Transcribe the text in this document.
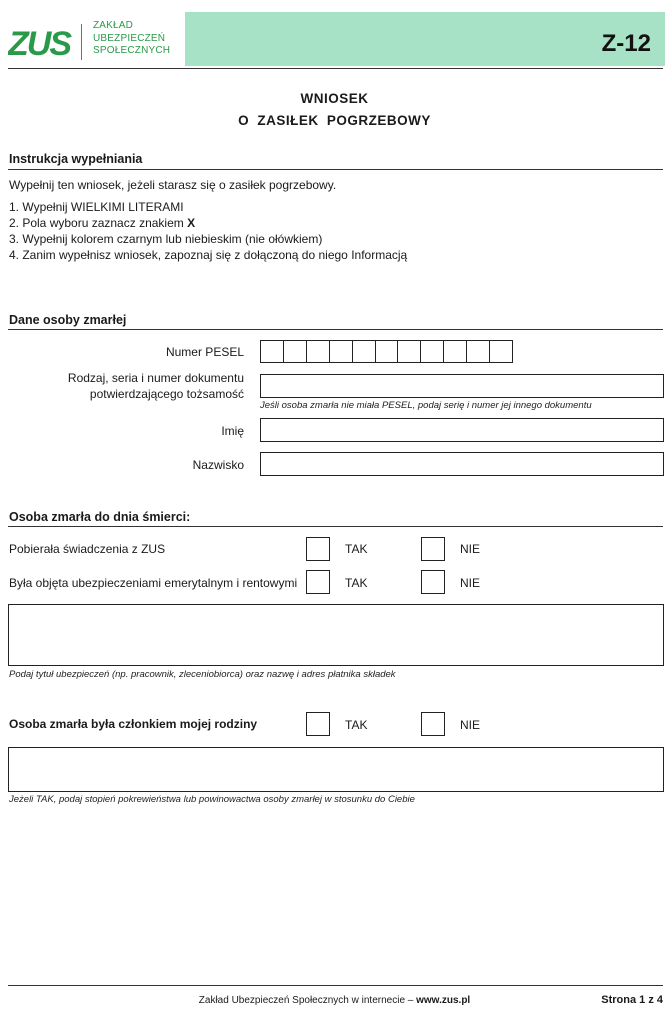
ZUS ZAKŁAD
UBEZPIECZEŃ
SPOŁECZNYCH	Z-12
WNIOSEK
O ZASIŁEK POGRZEBOWY
Instrukcja wypełniania
Wypełnij ten wniosek, jeżeli starasz się o zasiłek pogrzebowy.
1. Wypełnij WIELKIMI LITERAMI
2. Pola wyboru zaznacz znakiem X
3. Wypełnij kolorem czarnym lub niebieskim (nie ołówkiem)
4. Zanim wypełnisz wniosek, zapoznaj się z dołączoną do niego Informacją
Dane osoby zmarłej
Numer PESEL
Rodzaj, seria i numer dokumentu
potwierdzającego tożsamość
Jeśli osoba zmarła nie miała PESEL, podaj serię i numer jej innego dokumentu
Imię
Nazwisko
Osoba zmarła do dnia śmierci:
Pobierała świadczenia z ZUS	TAK	NIE
Była objęta ubezpieczeniami emerytalnym i rentowymi	TAK	NIE
Podaj tytuł ubezpieczeń (np. pracownik, zleceniobiorca) oraz nazwę i adres płatnika składek
Osoba zmarła była członkiem mojej rodziny	TAK	NIE
Jeżeli TAK, podaj stopień pokrewieństwa lub powinowactwa osoby zmarłej w stosunku do Ciebie
Zakład Ubezpieczeń Społecznych w internecie – www.zus.pl	Strona 1 z 4
